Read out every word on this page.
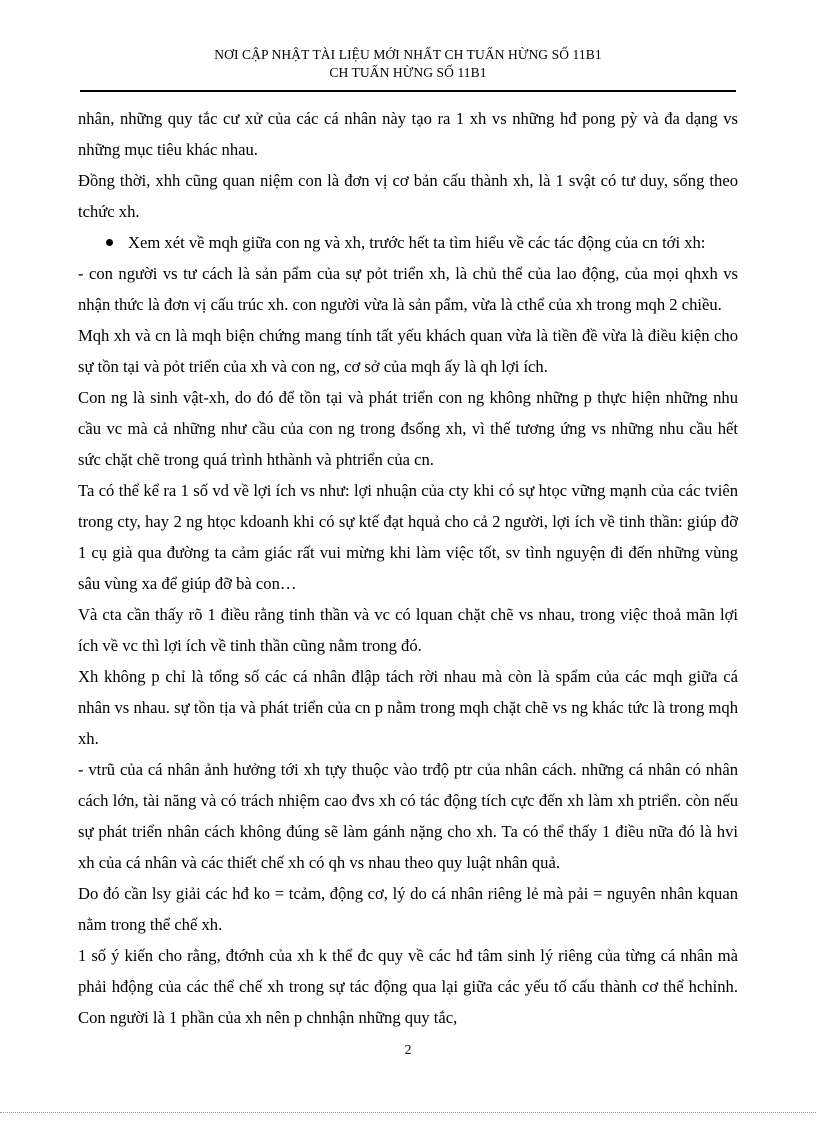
NƠI CẬP NHẬT TÀI LIỆU MỚI NHẤT CH TUẤN HỪNG SỐ 11B1
CH TUẤN HỪNG SỐ 11B1

nhân, những quy tắc cư xử của các cá nhân này tạo ra 1 xh vs những hđ pong pỳ và đa dạng vs những mục tiêu khác nhau.

Đồng thời, xhh cũng quan niệm con là đơn vị cơ bản cấu thành xh, là 1 svật có tư duy, sống theo tchức xh.

Xem xét về mqh giữa con ng và xh, trước hết ta tìm hiểu về các tác động của cn tới xh:

- con người vs tư cách là sản pẩm của sự pỏt triển xh, là chủ thể của lao động, của mọi qhxh vs nhận thức là đơn vị cấu trúc xh. con người vừa là sản pẩm, vừa là cthể của xh trong mqh 2 chiều.

Mqh xh và cn là mqh biện chứng mang tính tất yếu khách quan vừa là tiền đề vừa là điều kiện cho sự tồn tại và pỏt triển của xh và con ng, cơ sở của mqh ấy là qh lợi ích.

Con ng là sinh vật-xh, do đó để tồn tại và phát triển con ng không những p thực hiện những nhu cầu vc mà cả những như cầu của con ng trong đsống xh, vì thế tương ứng vs những nhu cầu hết sức chặt chẽ trong quá trình hthành và phtriển của cn.

Ta có thể kể ra 1 số vd về lợi ích vs như: lợi nhuận của cty khi có sự htọc vững mạnh của các tviên trong cty, hay 2 ng htọc kdoanh khi có sự ktế đạt hquả cho cả 2 người, lợi ích về tinh thần: giúp đỡ 1 cụ già qua đường ta cảm giác rất vui mừng khi làm việc tốt, sv tình nguyện đi đến những vùng sâu vùng xa để giúp đỡ bà con…

Và cta cần thấy rõ 1 điều rằng tinh thần và vc có lquan chặt chẽ vs nhau, trong việc thoả mãn lợi ích về vc thì lợi ích về tinh thần cũng nằm trong đó.

Xh không p chỉ là tổng số các cá nhân đlập tách rời nhau mà còn là spẩm của các mqh giữa cá nhân vs nhau. sự tồn tịa và phát triển của cn p nằm trong mqh chặt chẽ vs ng khác tức là trong mqh xh.

- vtrũ của cá nhân ảnh hưởng tới xh tựy thuộc vào trđộ ptr của nhân cách. những cá nhân có nhân cách lớn, tài năng và có trách nhiệm cao đvs xh có tác động tích cực đến xh làm xh ptriển. còn nếu sự phát triển nhân cách không đúng sẽ làm gánh nặng cho xh. Ta có thể thấy 1 điều nữa đó là hvi xh của cá nhân và các thiết chế xh có qh vs nhau theo quy luật nhân quả.

Do đó cần lsy giải các hđ ko = tcảm, động cơ, lý do cá nhân riêng lẻ mà pải = nguyên nhân kquan nằm trong thể chế xh.

1 số ý kiến cho rằng, đtớnh của xh k thể đc quy về các hđ tâm sinh lý riêng của từng cá nhân mà phải hđộng của các thể chế xh trong sự tác động qua lại giữa các yếu tố cấu thành cơ thể hchỉnh. Con người là 1 phần của xh nên p chnhận những quy tắc,

2
